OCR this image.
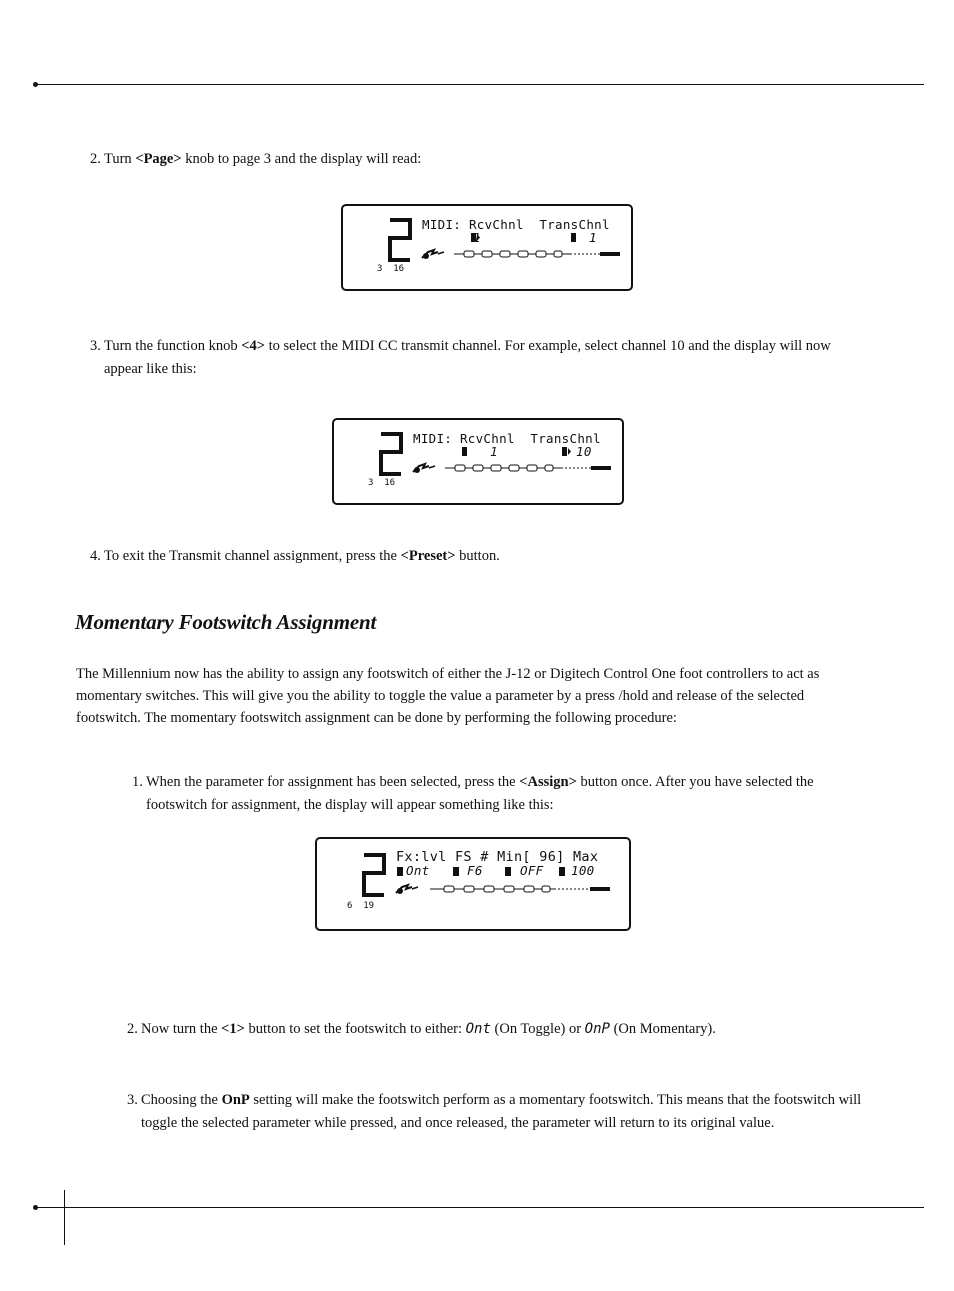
2. Turn <Page> knob to page 3 and the display will read:
MIDI: RcvChnl  TransChnl
1	1
3  16
3. Turn the function knob <4> to select the MIDI CC transmit channel. For example, select channel 10 and the display will now appear like this:
MIDI: RcvChnl  TransChnl
1	10
3  16
4. To exit the Transmit channel assignment, press the <Preset> button.
Momentary Footswitch Assignment

The Millennium now has the ability to assign any footswitch of either the J-12 or Digitech Control One foot controllers to act as momentary switches. This will give you the ability to toggle the value a parameter by a press /hold and release of the selected footswitch. The momentary footswitch assignment can be done by performing the following procedure:

1. When the parameter for assignment has been selected, press the <Assign> button once. After you have selected the footswitch for assignment, the display will appear something like this:
Fx:lvl FS # Min[ 96] Max
Ont	F6	OFF 100
6  19
2. Now turn the <1> button to set the footswitch to either: Ont (On Toggle) or OnP (On Momentary).
3. Choosing the OnP setting will make the footswitch perform as a momentary footswitch. This means that the footswitch will toggle the selected parameter while pressed, and once released, the parameter will return to its original value.
